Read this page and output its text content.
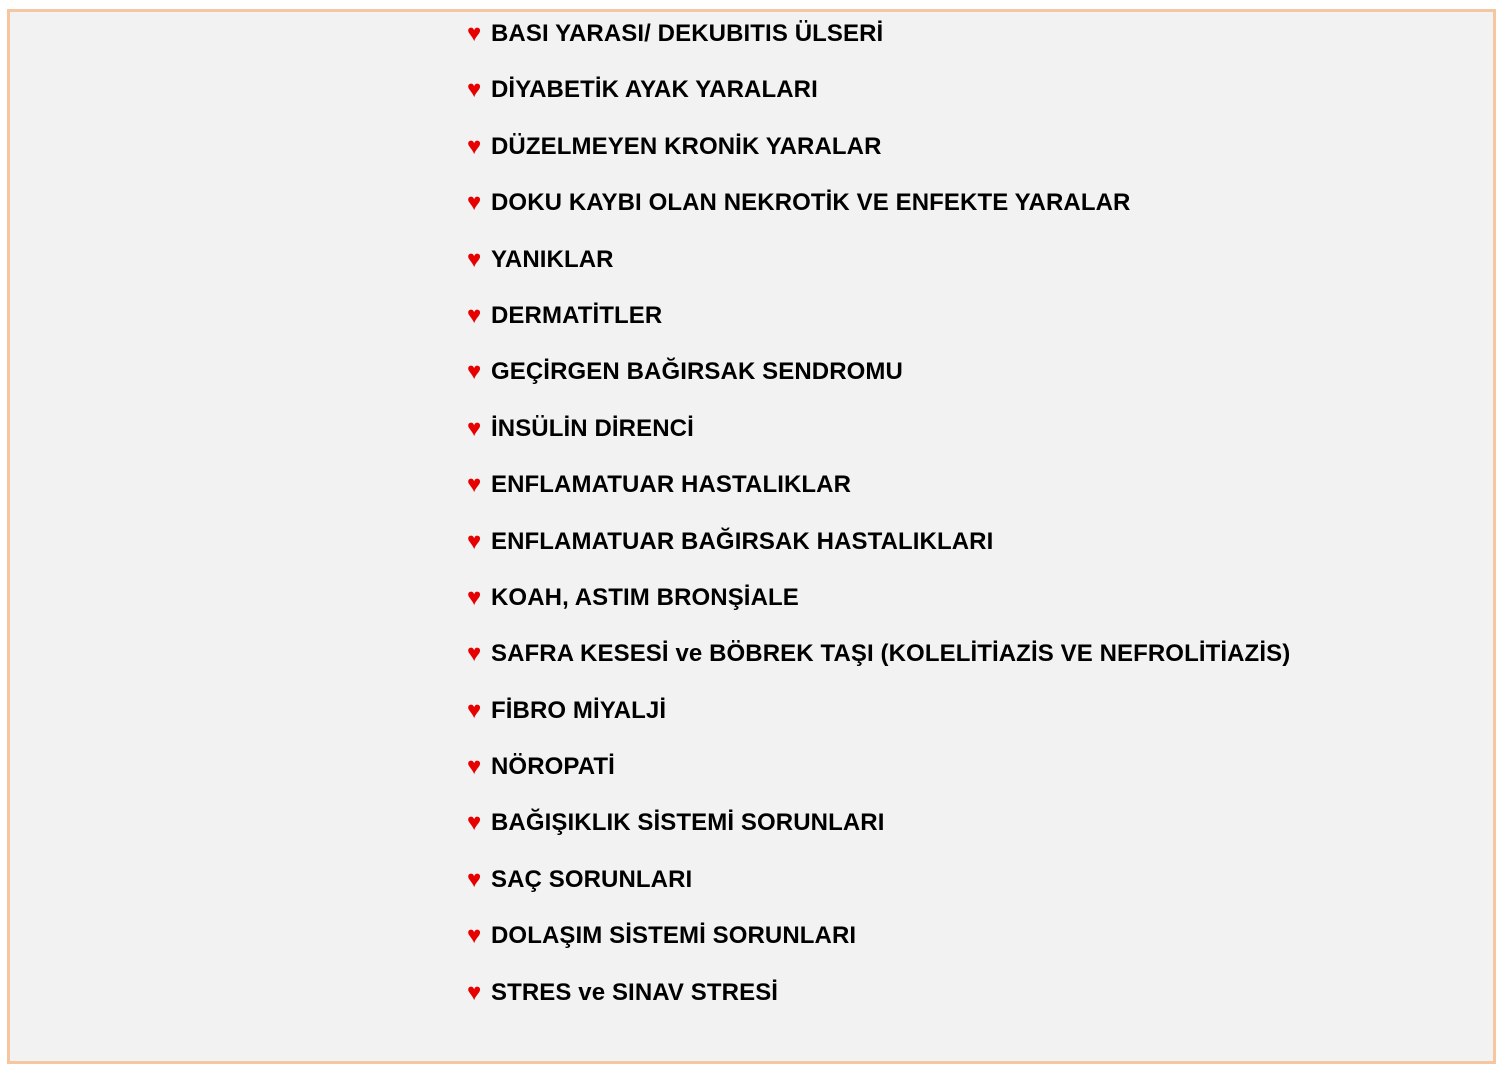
♥ BASI YARASI/ DEKUBITIS ÜLSERİ
♥ DİYABETİK AYAK YARALARI
♥ DÜZELMEYEN KRONİK YARALAR
♥ DOKU KAYBI OLAN NEKROTİK VE ENFEKTE YARALAR
♥ YANIKLAR
♥ DERMATİTLER
♥ GEÇİRGEN BAĞIRSAK SENDROMU
♥ İNSÜLİN DİRENCİ
♥ ENFLAMATUAR HASTALIKLAR
♥ ENFLAMATUAR BAĞIRSAK HASTALIKLARI
♥ KOAH, ASTIM BRONŞİALE
♥ SAFRA KESESİ ve BÖBREK TAŞI (KOLELİTİAZİS VE NEFROLİTİAZİS)
♥ FİBRO MİYALJİ
♥ NÖROPATİ
♥ BAĞIŞIKLIK SİSTEMİ SORUNLARI
♥ SAÇ SORUNLARI
♥ DOLAŞIM SİSTEMİ SORUNLARI
♥ STRES ve SINAV STRESİ
